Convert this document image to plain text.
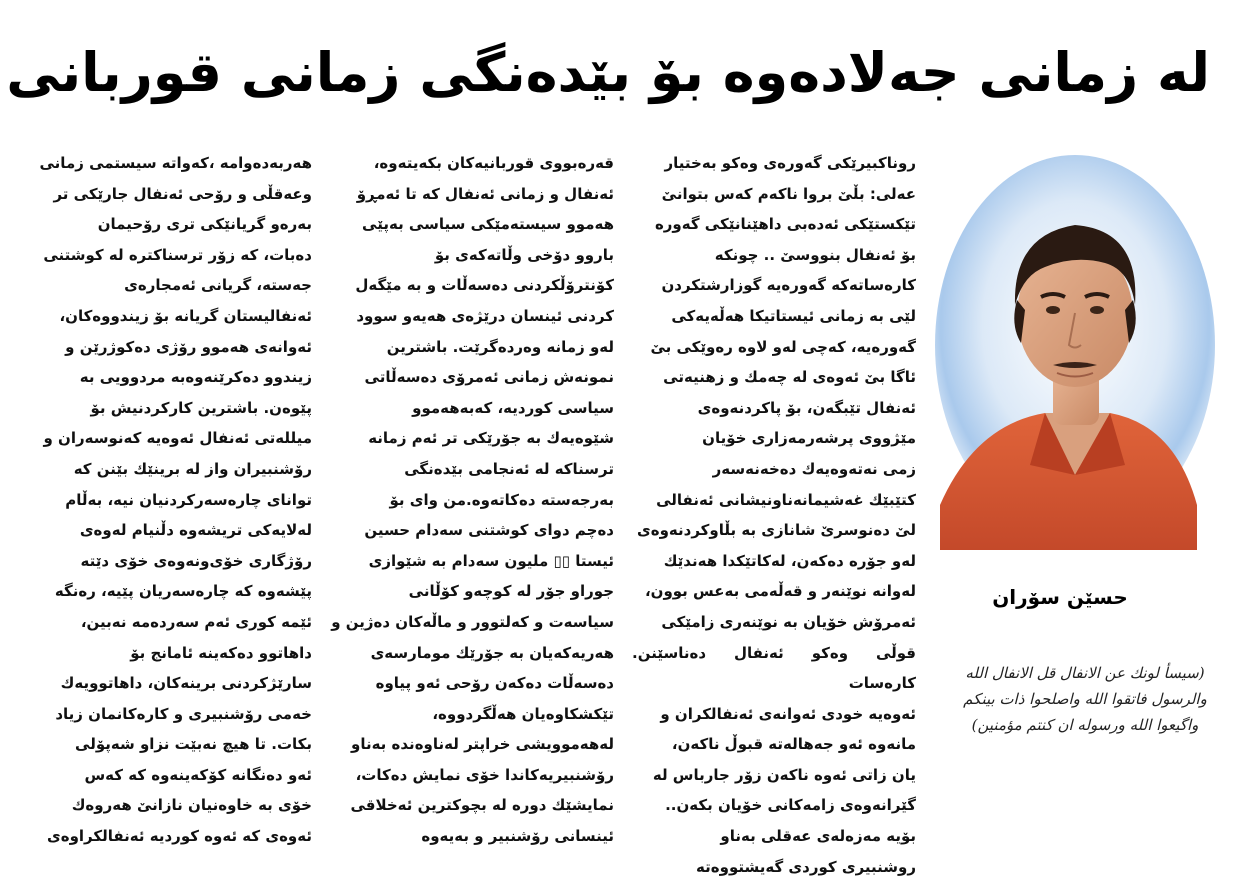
له زمانی جه‌لاده‌وه بۆ بێده‌نگی زمانی قوربانی

روناكبیرێكی گه‌وره‌ی وه‌كو به‌ختیار

عه‌لی: بڵێ بروا ناكه‌م كه‌س بتوانێ

تێكستێكی ئه‌ده‌بی داهێنانێكی گه‌وره

بۆ ئه‌نفال بنووسێ .. چونكه

كاره‌ساته‌كه گه‌وره‌یه گوزارشتكردن

لێی به زمانی ئیستاتیكا هه‌ڵه‌یه‌كی

گه‌وره‌یه، كه‌چی له‌و لاوه ره‌وێكی بێ

ئاگا بێ ئه‌وه‌ی له چه‌مك و زهنیه‌تی

ئه‌نفال تێبگه‌ن، بۆ پاكردنه‌وه‌ی

مێژووی پرشه‌رمه‌زاری خۆیان

زمی نه‌ته‌وه‌یه‌ك ده‌خه‌نه‌سه‌ر

كتێبێك غه‌شیمانه‌ناونیشانی ئه‌نفالی

لێ ده‌نوسرێ شانازی به بڵاوكردنه‌وه‌ی

له‌و جۆره ده‌كه‌ن، له‌كاتێكدا هه‌ندێك

له‌وانه نوێنه‌ر و قه‌ڵه‌می به‌عس بوون،

ئه‌مرۆش خۆیان به نوێنه‌ری زامێكی

قوڵی وه‌كو ئه‌نفال ده‌ناسێنن. كاره‌سات

ئه‌وه‌یه خودی ئه‌وانه‌ی ئه‌نفالكران و

مانه‌وه ئه‌و جه‌هاله‌ته قبوڵ ناكه‌ن،

یان زاتی ئه‌وه ناكه‌ن زۆر جارباس له

گێرانه‌وه‌ی زامه‌كانی خۆیان بكه‌ن..

بۆیه مه‌زه‌له‌ی عه‌قلی به‌ناو

روشنبیری كوردی گه‌یشتووه‌ته

قه‌ره‌بووی قوربانیه‌كان بكه‌یته‌وه،

ئه‌نفال و زمانی ئه‌نفال كه تا ئه‌مڕۆ

هه‌موو سیسته‌مێكی سیاسی به‌پێی

باروو دۆخی وڵاته‌كه‌ی بۆ

كۆنترۆڵكردنی ده‌سه‌ڵات و به مێگه‌ل

كردنی ئینسان درێژه‌ی هه‌یه‌و سوود

له‌و زمانه وه‌رده‌گرێت. باشترین

نمونه‌ش زمانی ئه‌مرۆی ده‌سه‌ڵاتی

سیاسی كوردیه، كه‌به‌هه‌موو

شێوه‌یه‌ك به جۆرێكی تر ئه‌م زمانه

ترسناكه له ئه‌نجامی بێده‌نگی

به‌رجه‌سته ده‌كاته‌وه.من وای بۆ

ده‌چم دوای كوشتنی سه‌دام حسین

ئیستا ▯▯ ملیون سه‌دام به شێوازی

جوراو جۆر له كوچه‌و كۆڵانی

سیاسه‌ت و كه‌لتوور و ماڵه‌كان ده‌ژین و

هه‌ریه‌كه‌یان به جۆرێك مومارسه‌ی

ده‌سه‌ڵات ده‌كه‌ن رۆحی ئه‌و پیاوه

تێكشكاوه‌یان هه‌ڵگردووه،

له‌هه‌موویشی خراپتر له‌ناوه‌نده به‌ناو

رۆشنبیریه‌كاندا خۆی نمایش ده‌كات،

نمایشێك دوره له بچوكترین ئه‌خلاقی

ئینسانی رۆشنبیر و به‌یه‌وه

هه‌ربه‌ده‌وامه ،كه‌واته سیستمی زمانی

وعه‌قڵی و رۆحی ئه‌نفال جارێكی تر

به‌ره‌و گریانێكی تری رۆحیمان

ده‌بات، كه زۆر ترسناكتره له كوشتنی

جه‌سته، گریانی ئه‌مجاره‌ی

ئه‌نفالیستان گریانه بۆ زیندووه‌كان،

ئه‌وانه‌ی هه‌موو رۆژی ده‌كوژرێن و

زیندوو ده‌كرێنه‌وه‌به مردوویی به

پێوه‌ن. باشترین كاركردنیش بۆ

میلله‌تی ئه‌نفال ئه‌وه‌یه كه‌نوسه‌ران و

رۆشنبیران واز له برینێك بێنن كه

توانای چاره‌سه‌ركردنیان نیه، به‌ڵام

له‌لایه‌كی تریشه‌وه دڵنیام له‌وه‌ی

رۆژگاری خۆی‌ونه‌وه‌ی خۆی دێته

پێشه‌وه كه چاره‌سه‌ریان پێیه، ره‌نگه

ئێمه كوری ئه‌م سه‌رده‌مه نه‌بین،

داهاتوو ده‌كه‌ینه ئامانج بۆ

سارێژكردنی برینه‌كان، داهاتوویه‌ك

خه‌می رۆشنبیری و كاره‌كانمان زیاد

بكات. تا هیچ نه‌بێت نزاو شه‌پۆلی

ئه‌و ده‌نگانه كۆكه‌ینه‌وه كه كه‌س

خۆی به خاوه‌نیان نازانێ هه‌روه‌ك

ئه‌وه‌ی كه ئه‌وه كوردیه ئه‌نفالكراوه‌ی

حسێن سۆران

(سیسأ لونك عن الانفال قل الانفال الله

والرسول فاتقوا الله واصلحوا ذات بینكم

واگیعوا الله ورسوله ان كنتم مؤمنین)
